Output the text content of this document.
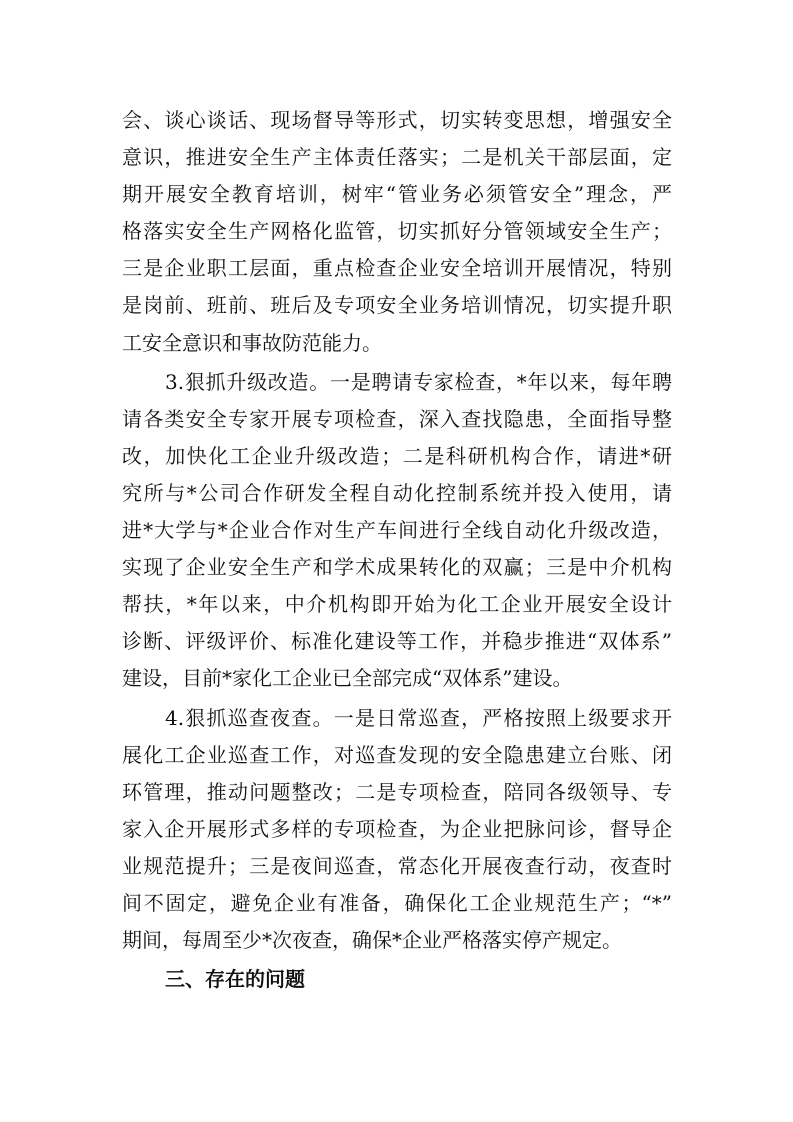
会、谈心谈话、现场督导等形式，切实转变思想，增强安全
意识，推进安全生产主体责任落实；二是机关干部层面，定
期开展安全教育培训，树牢“管业务必须管安全”理念，严
格落实安全生产网格化监管，切实抓好分管领域安全生产；
三是企业职工层面，重点检查企业安全培训开展情况，特别
是岗前、班前、班后及专项安全业务培训情况，切实提升职
工安全意识和事故防范能力。
3.狠抓升级改造。一是聘请专家检查，*年以来，每年聘
请各类安全专家开展专项检查，深入查找隐患，全面指导整
改，加快化工企业升级改造；二是科研机构合作，请进*研
究所与*公司合作研发全程自动化控制系统并投入使用，请
进*大学与*企业合作对生产车间进行全线自动化升级改造，
实现了企业安全生产和学术成果转化的双赢；三是中介机构
帮扶，*年以来，中介机构即开始为化工企业开展安全设计
诊断、评级评价、标准化建设等工作，并稳步推进“双体系”
建设，目前*家化工企业已全部完成“双体系”建设。
4.狠抓巡查夜查。一是日常巡查，严格按照上级要求开
展化工企业巡查工作，对巡查发现的安全隐患建立台账、闭
环管理，推动问题整改；二是专项检查，陪同各级领导、专
家入企开展形式多样的专项检查，为企业把脉问诊，督导企
业规范提升；三是夜间巡查，常态化开展夜查行动，夜查时
间不固定，避免企业有准备，确保化工企业规范生产；“*”
期间，每周至少*次夜查，确保*企业严格落实停产规定。
三、存在的问题
